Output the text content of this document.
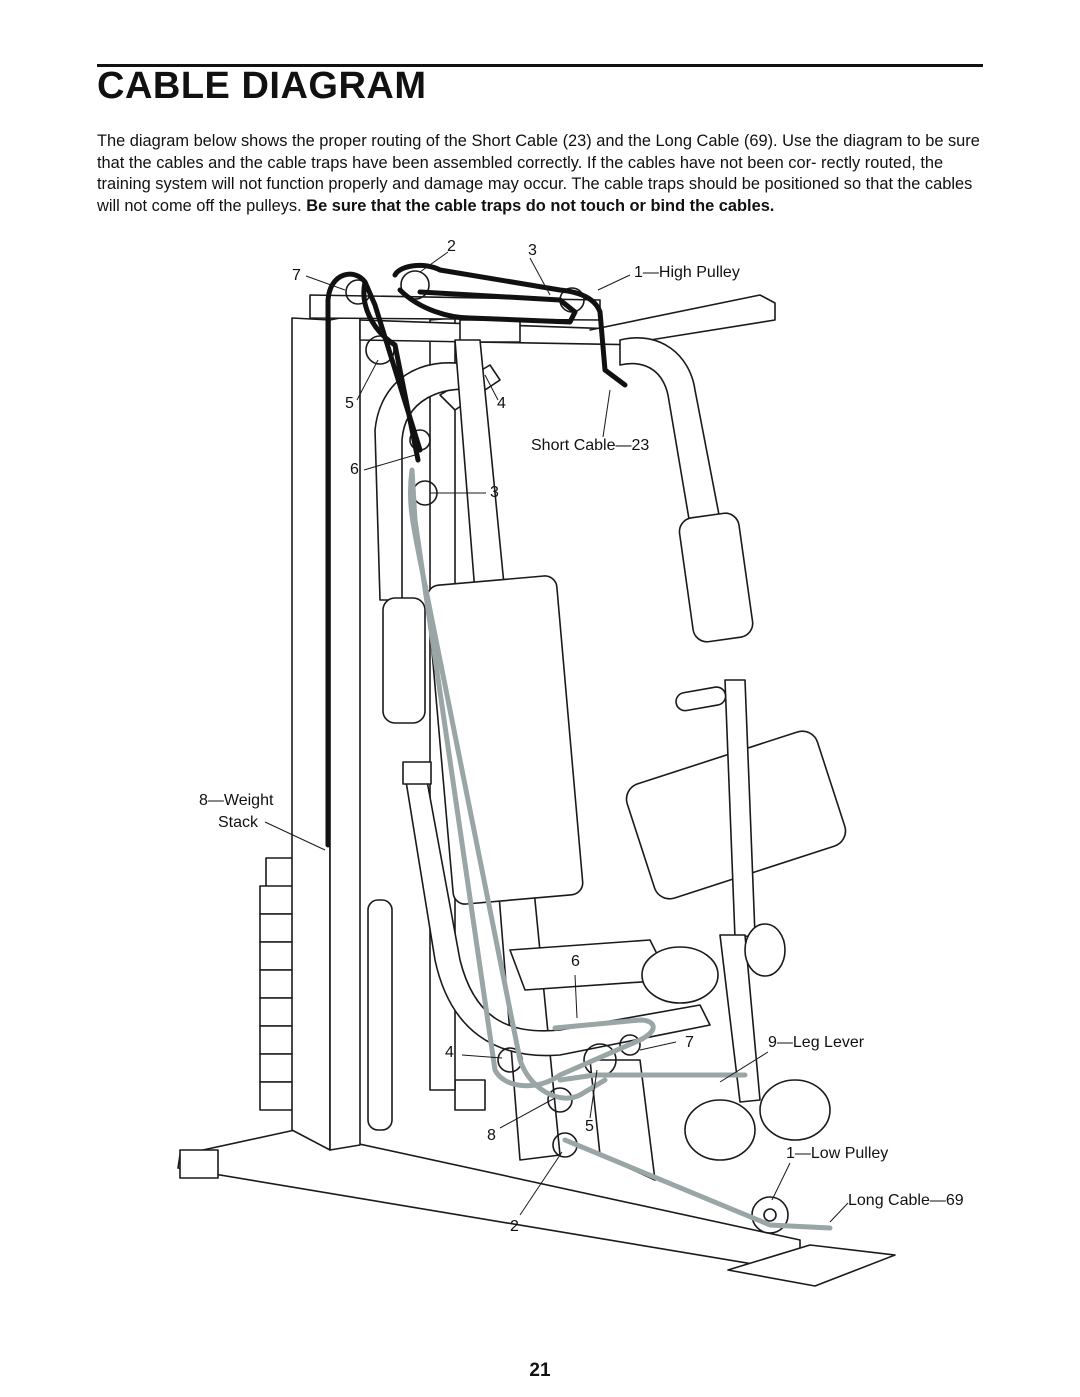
CABLE DIAGRAM

The diagram below shows the proper routing of the Short Cable (23) and the Long Cable (69). Use the diagram to be sure that the cables and the cable traps have been assembled correctly. If the cables have not been cor- rectly routed, the training system will not function properly and damage may occur. The cable traps should be positioned so that the cables will not come off the pulleys. Be sure that the cable traps do not touch or bind the cables.

2	3
7	1—High Pulley
5	4
Short Cable—23
6
3
8—Weight
Stack
6
4
7	9—Leg Lever
8
5
1—Low Pulley
Long Cable—69
2
21
